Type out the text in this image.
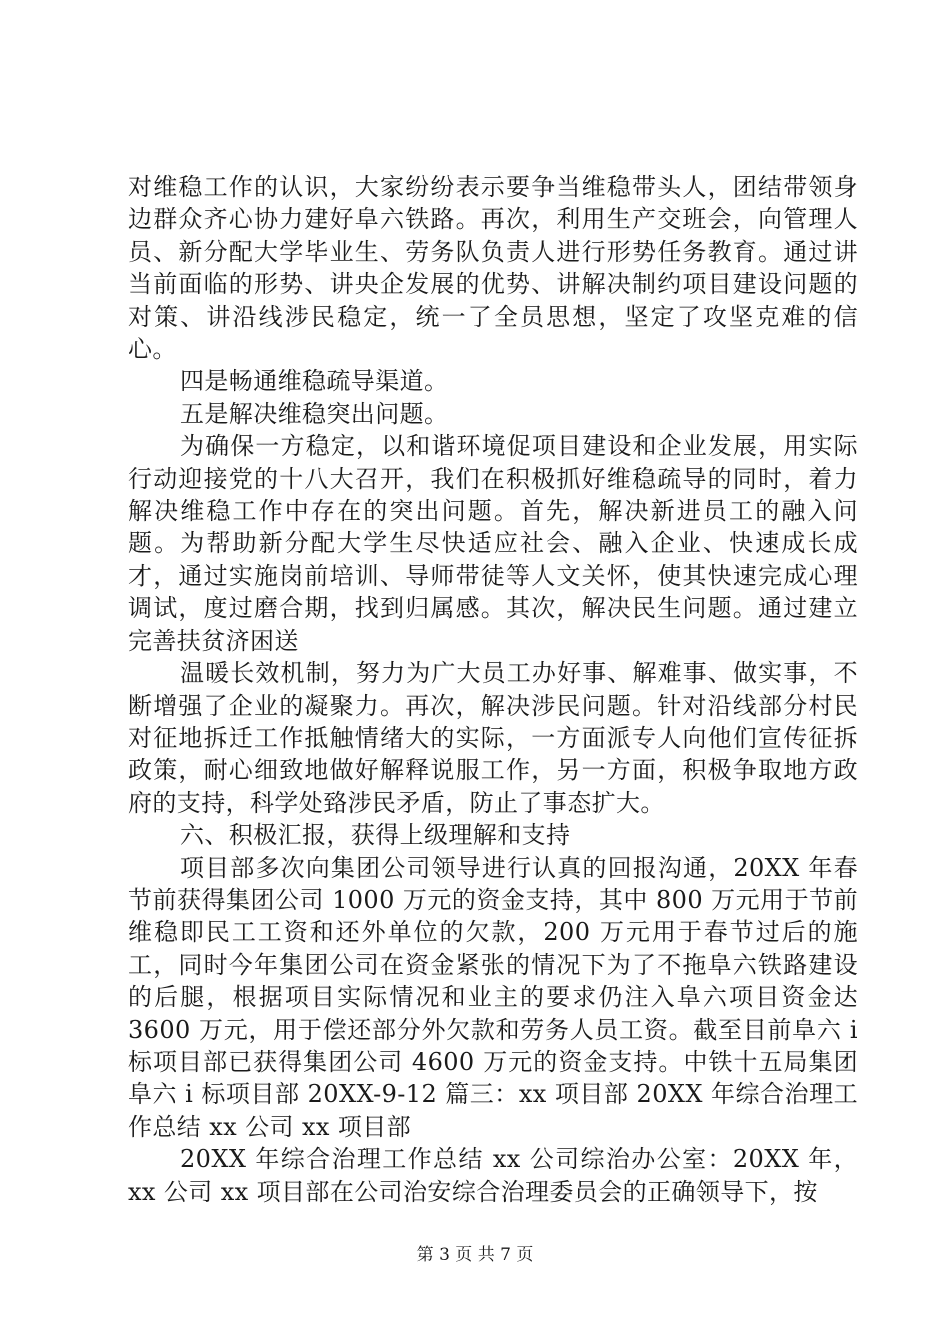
对维稳工作的认识，大家纷纷表示要争当维稳带头人，团结带领身边群众齐心协力建好阜六铁路。再次，利用生产交班会，向管理人员、新分配大学毕业生、劳务队负责人进行形势任务教育。通过讲当前面临的形势、讲央企发展的优势、讲解决制约项目建设问题的对策、讲沿线涉民稳定，统一了全员思想，坚定了攻坚克难的信心。

四是畅通维稳疏导渠道。

五是解决维稳突出问题。

为确保一方稳定，以和谐环境促项目建设和企业发展，用实际行动迎接党的十八大召开，我们在积极抓好维稳疏导的同时，着力解决维稳工作中存在的突出问题。首先，解决新进员工的融入问题。为帮助新分配大学生尽快适应社会、融入企业、快速成长成才，通过实施岗前培训、导师带徒等人文关怀，使其快速完成心理调试，度过磨合期，找到归属感。其次，解决民生问题。通过建立完善扶贫济困送

温暖长效机制，努力为广大员工办好事、解难事、做实事，不断增强了企业的凝聚力。再次，解决涉民问题。针对沿线部分村民对征地拆迁工作抵触情绪大的实际，一方面派专人向他们宣传征拆政策，耐心细致地做好解释说服工作，另一方面，积极争取地方政府的支持，科学处臵涉民矛盾，防止了事态扩大。

六、积极汇报，获得上级理解和支持

项目部多次向集团公司领导进行认真的回报沟通，20XX 年春节前获得集团公司 1000 万元的资金支持，其中 800 万元用于节前维稳即民工工资和还外单位的欠款，200 万元用于春节过后的施工，同时今年集团公司在资金紧张的情况下为了不拖阜六铁路建设的后腿，根据项目实际情况和业主的要求仍注入阜六项目资金达 3600 万元，用于偿还部分外欠款和劳务人员工资。截至目前阜六 i 标项目部已获得集团公司 4600 万元的资金支持。中铁十五局集团阜六 i 标项目部 20XX-9-12 篇三：xx 项目部 20XX 年综合治理工作总结 xx 公司 xx 项目部

20XX 年综合治理工作总结 xx 公司综治办公室：20XX 年，xx 公司 xx 项目部在公司治安综合治理委员会的正确领导下，按

第 3 页 共 7 页
